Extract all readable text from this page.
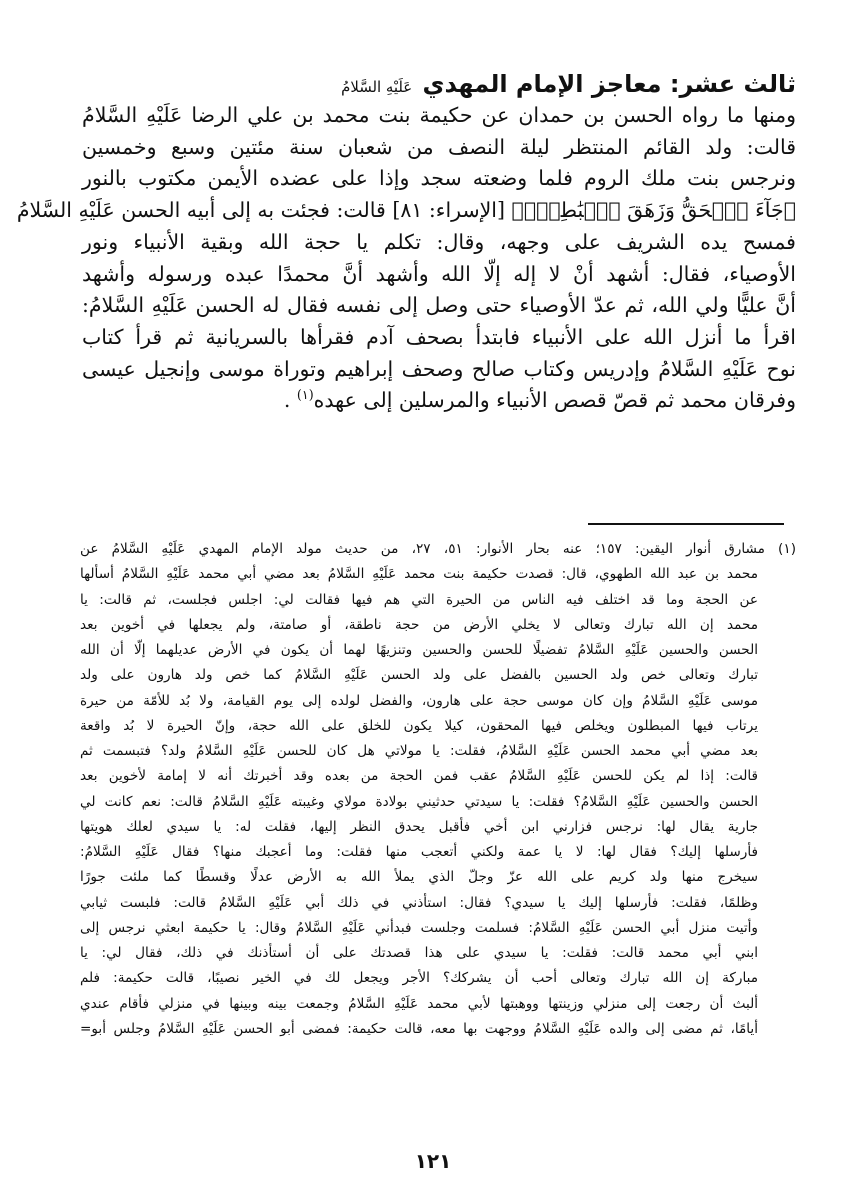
ثالث عشر: معاجز الإمام المهدي عَلَيْهِ السَّلامُ
ومنها ما رواه الحسن بن حمدان عن حكيمة بنت محمد بن علي الرضا عَلَيْهِ السَّلامُ
قالت: ولد القائم المنتظر ليلة النصف من شعبان سنة مئتين وسبع وخمسين
ونرجس بنت ملك الروم فلما وضعته سجد وإذا على عضده الأيمن مكتوب بالنور
﴿جَآءَ ٱلۡحَقُّ وَزَهَقَ ٱلۡبَٰطِلُۚ﴾ [الإسراء: ٨١] قالت: فجئت به إلى أبيه الحسن عَلَيْهِ السَّلامُ
فمسح يده الشريف على وجهه، وقال: تكلم يا حجة الله وبقية الأنبياء ونور
الأوصياء، فقال: أشهد أنْ لا إله إلّا الله وأشهد أنَّ محمدًا عبده ورسوله وأشهد
أنَّ عليًّا ولي الله، ثم عدّ الأوصياء حتى وصل إلى نفسه فقال له الحسن عَلَيْهِ السَّلامُ:
اقرأ ما أنزل الله على الأنبياء فابتدأ بصحف آدم فقرأها بالسريانية ثم قرأ كتاب
نوح عَلَيْهِ السَّلامُ وإدريس وكتاب صالح وصحف إبراهيم وتوراة موسى وإنجيل عيسى
وفرقان محمد ثم قصّ قصص الأنبياء والمرسلين إلى عهده$^{(١)}$ .
(١) مشارق أنوار اليقين: ١٥٧؛ عنه بحار الأنوار: ٥١، ٢٧، من حديث مولد الإمام المهدي عَلَيْهِ السَّلامُ عن
محمد بن عبد الله الطهوي، قال: قصدت حكيمة بنت محمد عَلَيْهِ السَّلامُ بعد مضي أبي محمد عَلَيْهِ السَّلامُ أسألها
عن الحجة وما قد اختلف فيه الناس من الحيرة التي هم فيها فقالت لي: اجلس فجلست، ثم قالت: يا
محمد إن الله تبارك وتعالى لا يخلي الأرض من حجة ناطقة، أو صامتة، ولم يجعلها في أخوين بعد
الحسن والحسين عَلَيْهِ السَّلامُ تفضيلًا للحسن والحسين وتنزيهًا لهما أن يكون في الأرض عديلهما إلّا أن الله
تبارك وتعالى خص ولد الحسين بالفضل على ولد الحسن عَلَيْهِ السَّلامُ كما خص ولد هارون على ولد
موسى عَلَيْهِ السَّلامُ وإن كان موسى حجة على هارون، والفضل لولده إلى يوم القيامة، ولا بُد للأمّة من حيرة
يرتاب فيها المبطلون ويخلص فيها المحقون، كيلا يكون للخلق على الله حجة، وإنّ الحيرة لا بُد واقعة
بعد مضي أبي محمد الحسن عَلَيْهِ السَّلامُ، فقلت: يا مولاتي هل كان للحسن عَلَيْهِ السَّلامُ ولد؟ فتبسمت ثم
قالت: إذا لم يكن للحسن عَلَيْهِ السَّلامُ عقب فمن الحجة من بعده وقد أخبرتك أنه لا إمامة لأخوين بعد
الحسن والحسين عَلَيْهِ السَّلامُ؟ فقلت: يا سيدتي حدثيني بولادة مولاي وغيبته عَلَيْهِ السَّلامُ قالت: نعم كانت لي
جارية يقال لها: نرجس فزارني ابن أخي فأقبل يحدق النظر إليها، فقلت له: يا سيدي لعلك هويتها
فأرسلها إليك؟ فقال لها: لا يا عمة ولكني أتعجب منها فقلت: وما أعجبك منها؟ فقال عَلَيْهِ السَّلامُ:
سيخرج منها ولد كريم على الله عزّ وجلّ الذي يملأ الله به الأرض عدلًا وقسطًا كما ملئت جورًا
وظلمًا، فقلت: فأرسلها إليك يا سيدي؟ فقال: استأذني في ذلك أبي عَلَيْهِ السَّلامُ قالت: فلبست ثيابي
وأتيت منزل أبي الحسن عَلَيْهِ السَّلامُ: فسلمت وجلست فبدأني عَلَيْهِ السَّلامُ وقال: يا حكيمة ابعثي نرجس إلى
ابني أبي محمد قالت: فقلت: يا سيدي على هذا قصدتك على أن أستأذنك في ذلك، فقال لي: يا
مباركة إن الله تبارك وتعالى أحب أن يشركك؟ الأجر ويجعل لك في الخير نصيبًا، قالت حكيمة: فلم
ألبث أن رجعت إلى منزلي وزينتها ووهبتها لأبي محمد عَلَيْهِ السَّلامُ وجمعت بينه وبينها في منزلي فأقام عندي
أيامًا، ثم مضى إلى والده عَلَيْهِ السَّلامُ ووجهت بها معه، قالت حكيمة: فمضى أبو الحسن عَلَيْهِ السَّلامُ وجلس أبو=
١٢١
